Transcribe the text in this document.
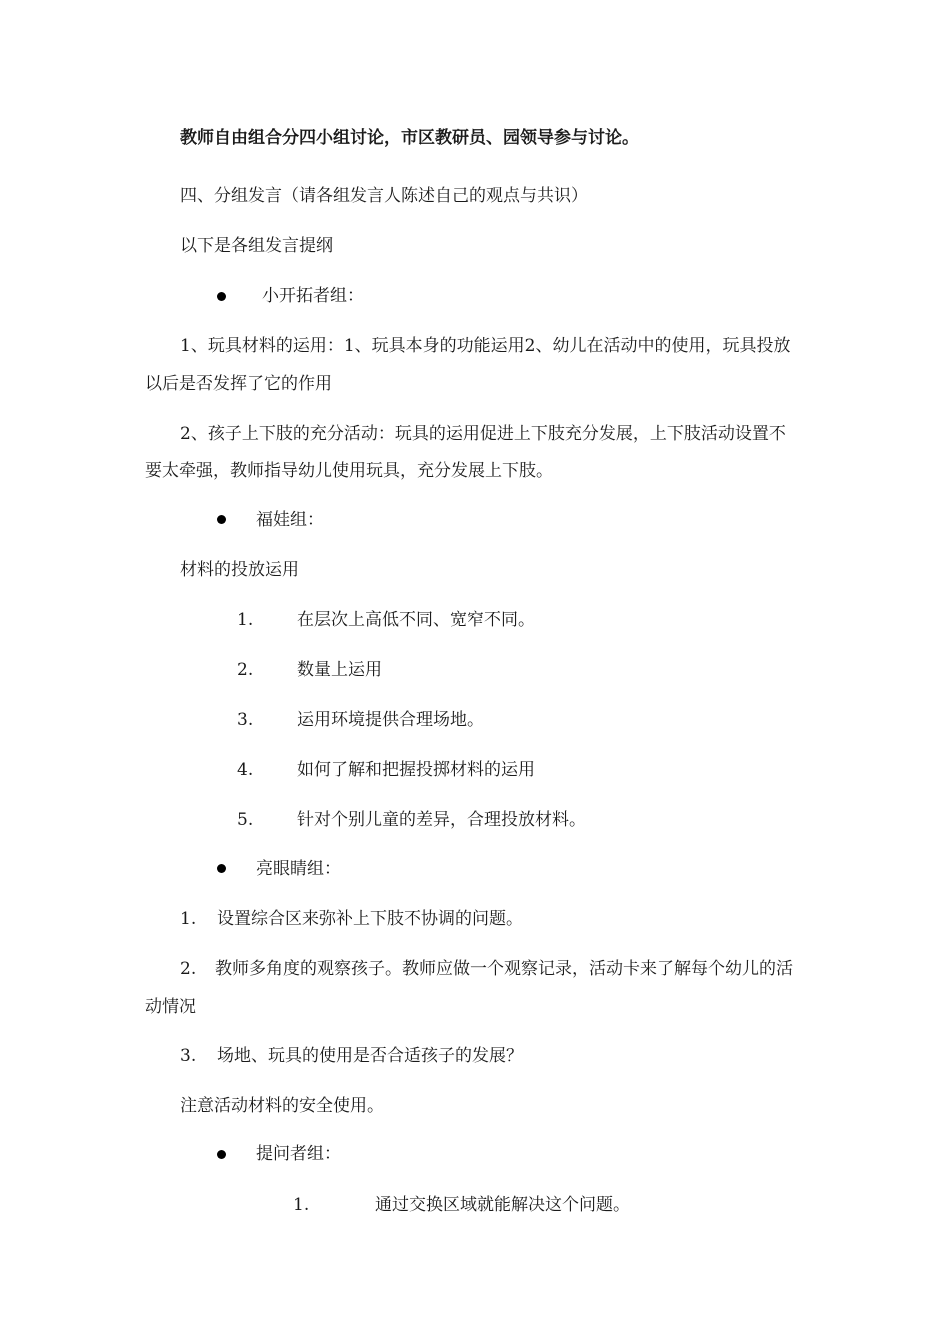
教师自由组合分四小组讨论，市区教研员、园领导参与讨论。
四、分组发言（请各组发言人陈述自己的观点与共识）
以下是各组发言提纲
小开拓者组：
1、玩具材料的运用：1、玩具本身的功能运用2、幼儿在活动中的使用，玩具投放
以后是否发挥了它的作用
2、孩子上下肢的充分活动：玩具的运用促进上下肢充分发展，上下肢活动设置不
要太牵强，教师指导幼儿使用玩具，充分发展上下肢。
福娃组：
材料的投放运用
1.	在层次上高低不同、宽窄不同。
2.	数量上运用
3.	运用环境提供合理场地。
4.	如何了解和把握投掷材料的运用
5.	针对个别儿童的差异，合理投放材料。
亮眼睛组：
1. 设置综合区来弥补上下肢不协调的问题。
2. 教师多角度的观察孩子。教师应做一个观察记录，活动卡来了解每个幼儿的活
动情况
3. 场地、玩具的使用是否合适孩子的发展？
注意活动材料的安全使用。
提问者组：
1.	通过交换区域就能解决这个问题。
